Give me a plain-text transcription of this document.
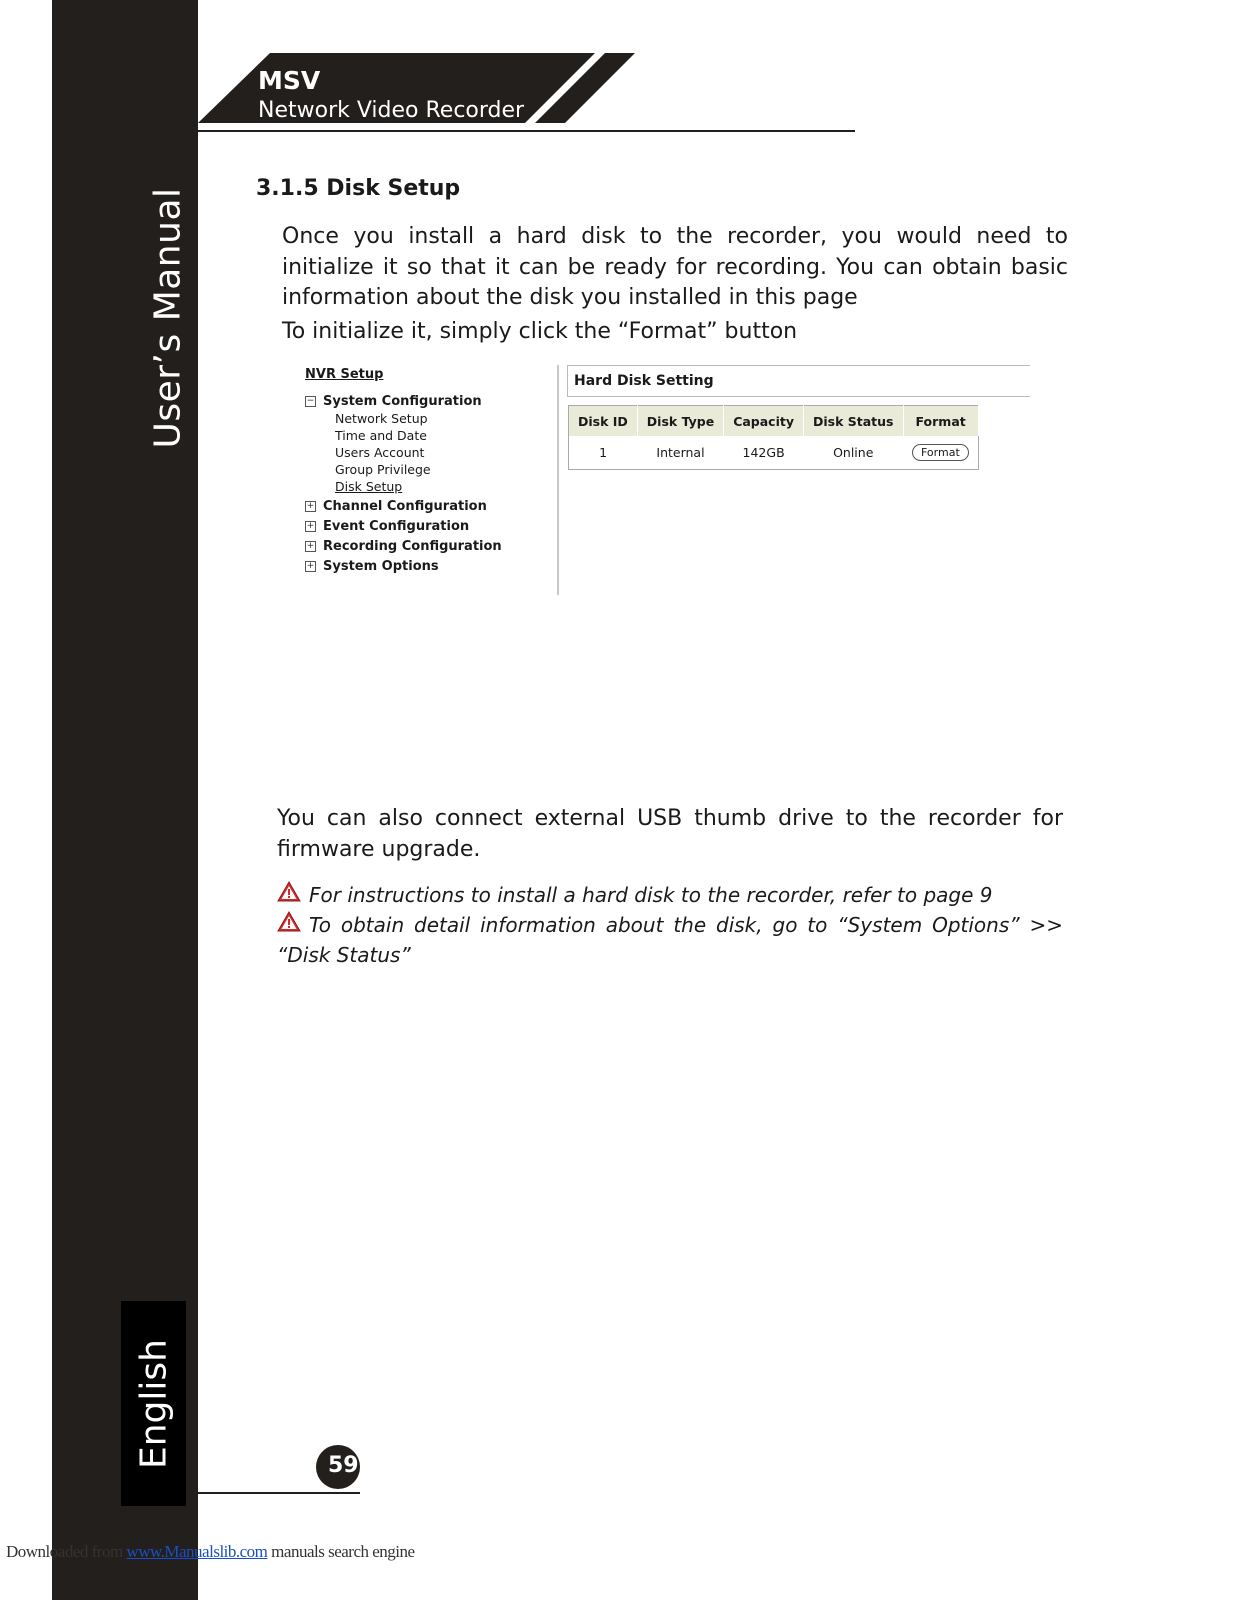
User’s Manual
English
MSV
Network Video Recorder
3.1.5 Disk Setup
Once you install a hard disk to the recorder, you would need to initialize it so that it can be ready for recording. You can obtain basic information about the disk you installed in this page
To initialize it, simply click the “Format” button
NVR Setup
− System Configuration
Network Setup
Time and Date
Users Account
Group Privilege
Disk Setup
+ Channel Configuration
+ Event Configuration
+ Recording Configuration
+ System Options
Hard Disk Setting
Disk ID	Disk Type	Capacity	Disk Status	Format
1	Internal	142GB	Online	Format
You can also connect external USB thumb drive to the recorder for firmware upgrade.
For instructions to install a hard disk to the recorder, refer to page 9
To obtain detail information about the disk, go to “System Options” >> “Disk Status”
59
Downloaded from www.Manualslib.com manuals search engine
